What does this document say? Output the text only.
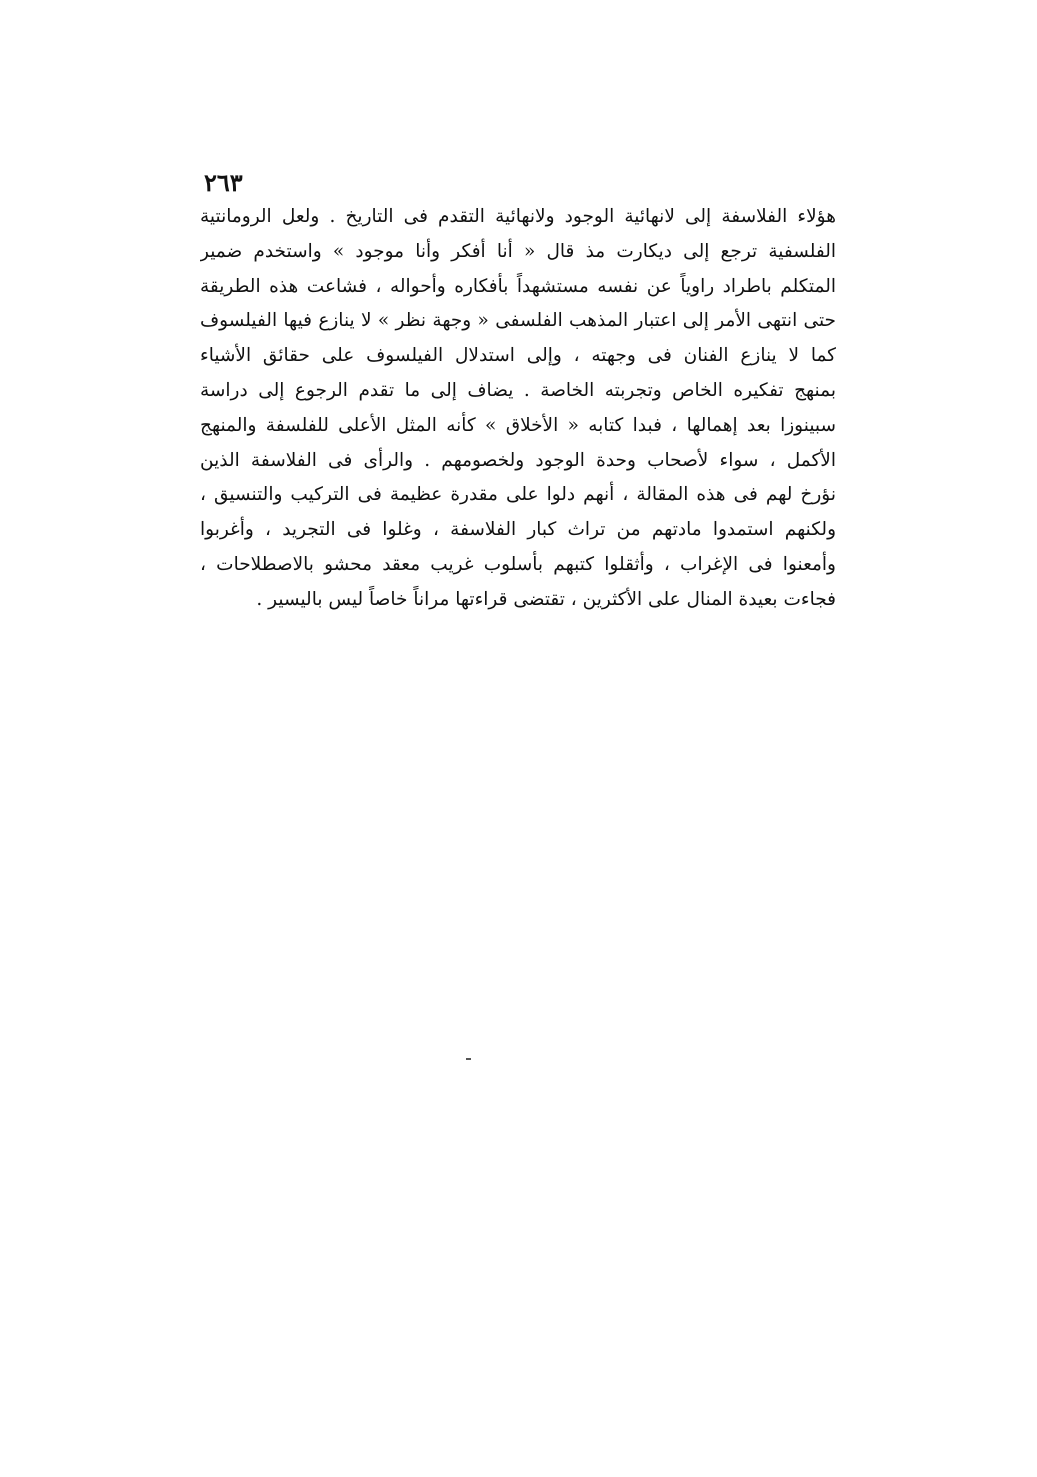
٢٦٣
هؤلاء الفلاسفة إلى لانهائية الوجود ولانهائية التقدم فى التاريخ . ولعل الرومانتية
الفلسفية ترجع إلى ديكارت مذ قال « أنا أفكر وأنا موجود » واستخدم ضمير
المتكلم باطراد راوياً عن نفسه مستشهداً بأفكاره وأحواله ، فشاعت هذه الطريقة
حتى انتهى الأمر إلى اعتبار المذهب الفلسفى « وجهة نظر » لا ينازع فيها الفيلسوف
كما لا ينازع الفنان فى وجهته ، وإلى استدلال الفيلسوف على حقائق الأشياء
بمنهج تفكيره الخاص وتجربته الخاصة . يضاف إلى ما تقدم الرجوع إلى دراسة
سبينوزا بعد إهمالها ، فبدا كتابه « الأخلاق » كأنه المثل الأعلى للفلسفة والمنهج
الأكمل ، سواء لأصحاب وحدة الوجود ولخصومهم . والرأى فى الفلاسفة الذين
نؤرخ لهم فى هذه المقالة ، أنهم دلوا على مقدرة عظيمة فى التركيب والتنسيق ،
ولكنهم استمدوا مادتهم من تراث كبار الفلاسفة ، وغلوا فى التجريد ، وأغربوا
وأمعنوا فى الإغراب ، وأثقلوا كتبهم بأسلوب غريب معقد محشو بالاصطلاحات ،
فجاءت بعيدة المنال على الأكثرين ، تقتضى قراءتها مراناً خاصاً ليس باليسير .
